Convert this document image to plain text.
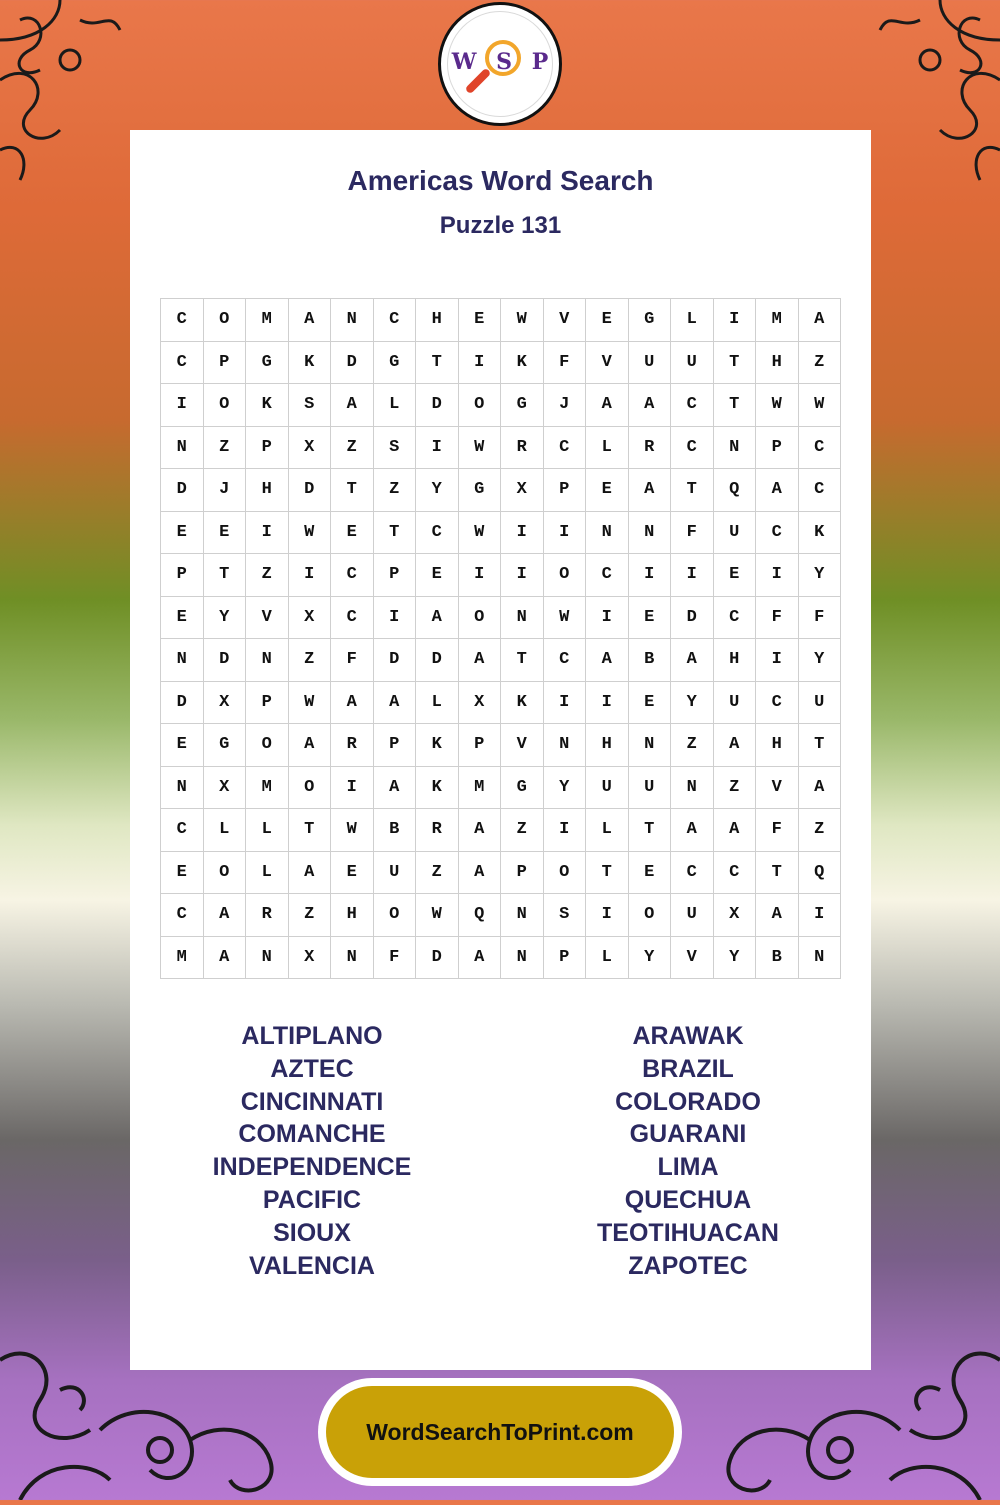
W S P
Americas Word Search
Puzzle 131
C	O	M	A	N	C	H	E	W	V	E	G	L	I	M	A
C	P	G	K	D	G	T	I	K	F	V	U	U	T	H	Z
I	O	K	S	A	L	D	O	G	J	A	A	C	T	W	W
N	Z	P	X	Z	S	I	W	R	C	L	R	C	N	P	C
D	J	H	D	T	Z	Y	G	X	P	E	A	T	Q	A	C
E	E	I	W	E	T	C	W	I	I	N	N	F	U	C	K
P	T	Z	I	C	P	E	I	I	O	C	I	I	E	I	Y
E	Y	V	X	C	I	A	O	N	W	I	E	D	C	F	F
N	D	N	Z	F	D	D	A	T	C	A	B	A	H	I	Y
D	X	P	W	A	A	L	X	K	I	I	E	Y	U	C	U
E	G	O	A	R	P	K	P	V	N	H	N	Z	A	H	T
N	X	M	O	I	A	K	M	G	Y	U	U	N	Z	V	A
C	L	L	T	W	B	R	A	Z	I	L	T	A	A	F	Z
E	O	L	A	E	U	Z	A	P	O	T	E	C	C	T	Q
C	A	R	Z	H	O	W	Q	N	S	I	O	U	X	A	I
M	A	N	X	N	F	D	A	N	P	L	Y	V	Y	B	N
ALTIPLANO
AZTEC
CINCINNATI
COMANCHE
INDEPENDENCE
PACIFIC
SIOUX
VALENCIA
ARAWAK
BRAZIL
COLORADO
GUARANI
LIMA
QUECHUA
TEOTIHUACAN
ZAPOTEC
WordSearchToPrint.com
